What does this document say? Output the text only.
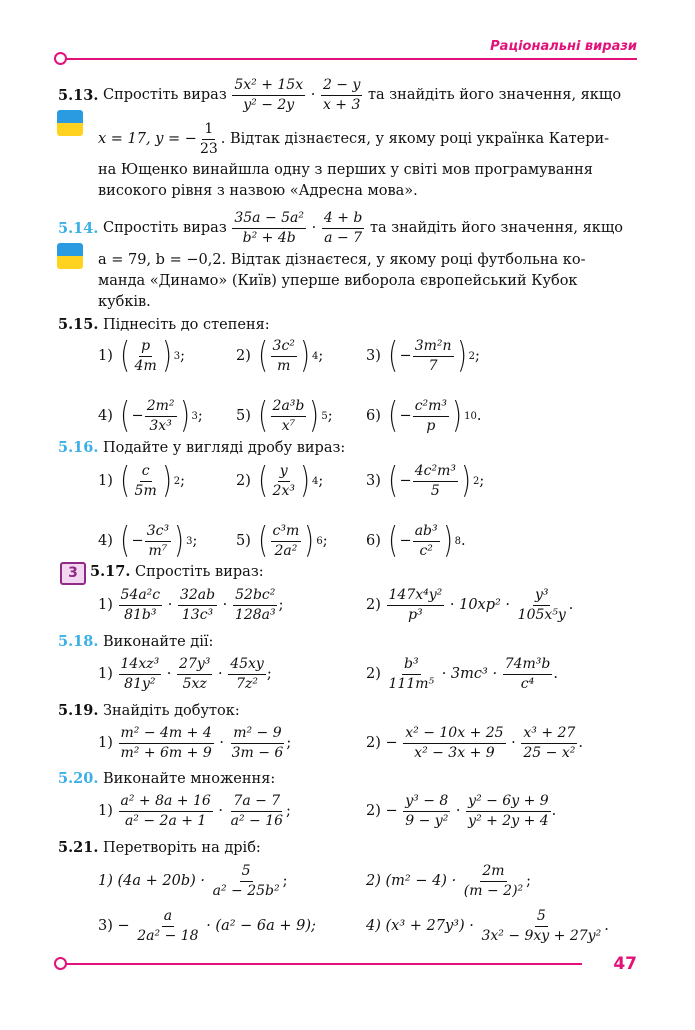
Раціональні вирази
5.13.
Спростіть вираз
$\frac{\text{5x² + 15x}}{\text{y² − 2y}} \cdot \frac{2 - y}{x + 3}$
та знайдіть його значення, якщо
x = 17, y = − $\frac{1}{23}$ . Відтак дізнаєтеся, у якому році українка Катери-
на Ющенко винайшла одну з перших у світі мов програмування
високого рівня з назвою «Адресна мова».
5.14.
Спростіть вираз
$\frac{\text{35a − 5a²}}{\text{b² + 4b}} \cdot \frac{4 + b}{a - 7}$
та знайдіть його значення, якщо
a = 79, b = −0,2. Відтак дізнаєтеся, у якому році футбольна ко-
манда «Динамо» (Київ) уперше виборола європейський Кубок
кубків.
5.15. Піднесіть до степеня:
1)
( $\frac{p}{4m}$ ) 3 ;	2)
( $\frac{\text{3c²}}{m}$ ) 4 ;	3)
( − $\frac{\text{3m²n}}{7}$ ) 2 ;
4)
( − $\frac{\text{2m²}}{\text{3x³}}$ ) 3 ; 5)
( $\frac{\text{2a³b}}{\text{x⁷}}$ ) 5 ; 6)
( − $\frac{\text{c²m³}}{p}$ ) 10 .
5.16. Подайте у вигляді дробу вираз:
1)
( $\frac{c}{5m}$ ) 2 ;	2)
( $\frac{y}{\text{2x³}}$ ) 4 ;	3)
( − $\frac{\text{4c²m³}}{5}$ ) 2 ;
4)
( − $\frac{\text{3c³}}{\text{m⁷}}$ ) 3 ;	5)
( $\frac{\text{c³m}}{\text{2a²}}$ ) 6 ;	6)
( − $\frac{\text{ab³}}{\text{c²}}$ ) 8 .
3 5.17. Спростіть вираз:
1)
$\frac{\text{54a²c}}{\text{81b³}} \cdot \frac{32ab}{\text{13c³}} \cdot \frac{\text{52bc²}}{\text{128a³}}$ ;	2)
$\frac{\text{147x⁴y²}}{\text{p³}}$
· 10xp² ·
$\frac{\text{y³}}{\text{105x⁵y}}$ .
5.18. Виконайте дії:
1)
$\frac{\text{14xz³}}{\text{81y²}} \cdot \frac{\text{27y³}}{5xz} \cdot \frac{45xy}{\text{7z²}}$ ;	2)
$\frac{\text{b³}}{\text{111m⁵}}$
· 3mc³ ·
$\frac{\text{74m³b}}{\text{c⁴}}$ .
5.19. Знайдіть добуток:
1)
$\frac{\text{m² − 4m + 4}}{\text{m² + 6m + 9}} \cdot \frac{\text{m² − 9}}{3m - 6}$ ;	2) −
$\frac{\text{x² − 10x + 25}}{\text{x² − 3x + 9}} \cdot \frac{\text{x³ + 27}}{\text{25 − x²}}$ .
5.20. Виконайте множення:
1)
$\frac{\text{a² + 8a + 16}}{\text{a² − 2a + 1}} \cdot \frac{7a - 7}{\text{a² − 16}}$ ;	2) −
$\frac{\text{y³ − 8}}{\text{9 − y²}} \cdot \frac{\text{y² − 6y + 9}}{\text{y² + 2y + 4}}$ .
5.21. Перетворіть на дріб:
1) (4a + 20b) ·
$\frac{5}{\text{a² − 25b²}}$ ;	2) (m² − 4) ·
$\frac{2m}{\text{(m − 2)²}}$ ;
3) −
$\frac{a}{\text{2a² − 18}}$
· (a² − 6a + 9);	4) (x³ + 27y³) ·
$\frac{5}{\text{3x² − 9xy + 27y²}}$ .
47
